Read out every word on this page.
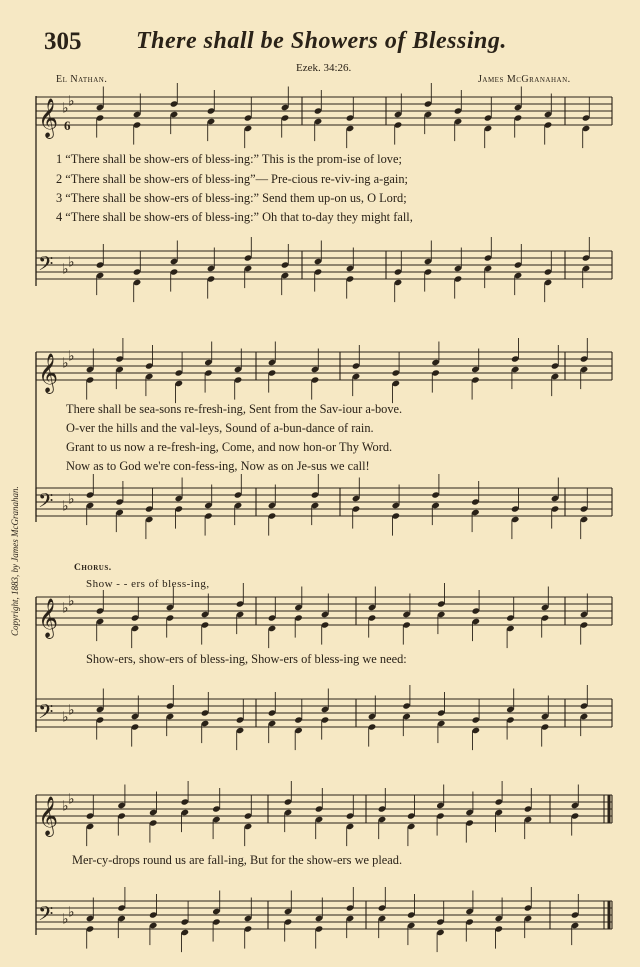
305 There shall be Showers of Blessing.
El Nathan.
Ezek. 34:26.
James McGranahan.
Copyright, 1883, by James McGranahan.
𝄞 ♭ ♭
6
𝄢 ♭ ♭
𝄞 ♭ ♭
𝄢 ♭ ♭
𝄞 ♭ ♭
𝄢 ♭ ♭
𝄞 ♭ ♭
𝄢 ♭ ♭
1 “There shall be show-ers of bless-ing:” This is the prom-ise of love;
2 “There shall be show-ers of bless-ing”— Pre-cious re-viv-ing a-gain;
3 “There shall be show-ers of bless-ing:” Send them up-on us, O Lord;
4 “There shall be show-ers of bless-ing:” Oh that to-day they might fall,
There shall be sea-sons re-fresh-ing, Sent from the Sav-iour a-bove.
O-ver the hills and the val-leys, Sound of a-bun-dance of rain.
Grant to us now a re-fresh-ing, Come, and now hon-or Thy Word.
Now as to God we're con-fess-ing, Now as on Je-sus we call!
Chorus.
Show - - ers of bless-ing,
Show-ers, show-ers of bless-ing, Show-ers of bless-ing we need:
Mer-cy-drops round us are fall-ing, But for the show-ers we plead.
